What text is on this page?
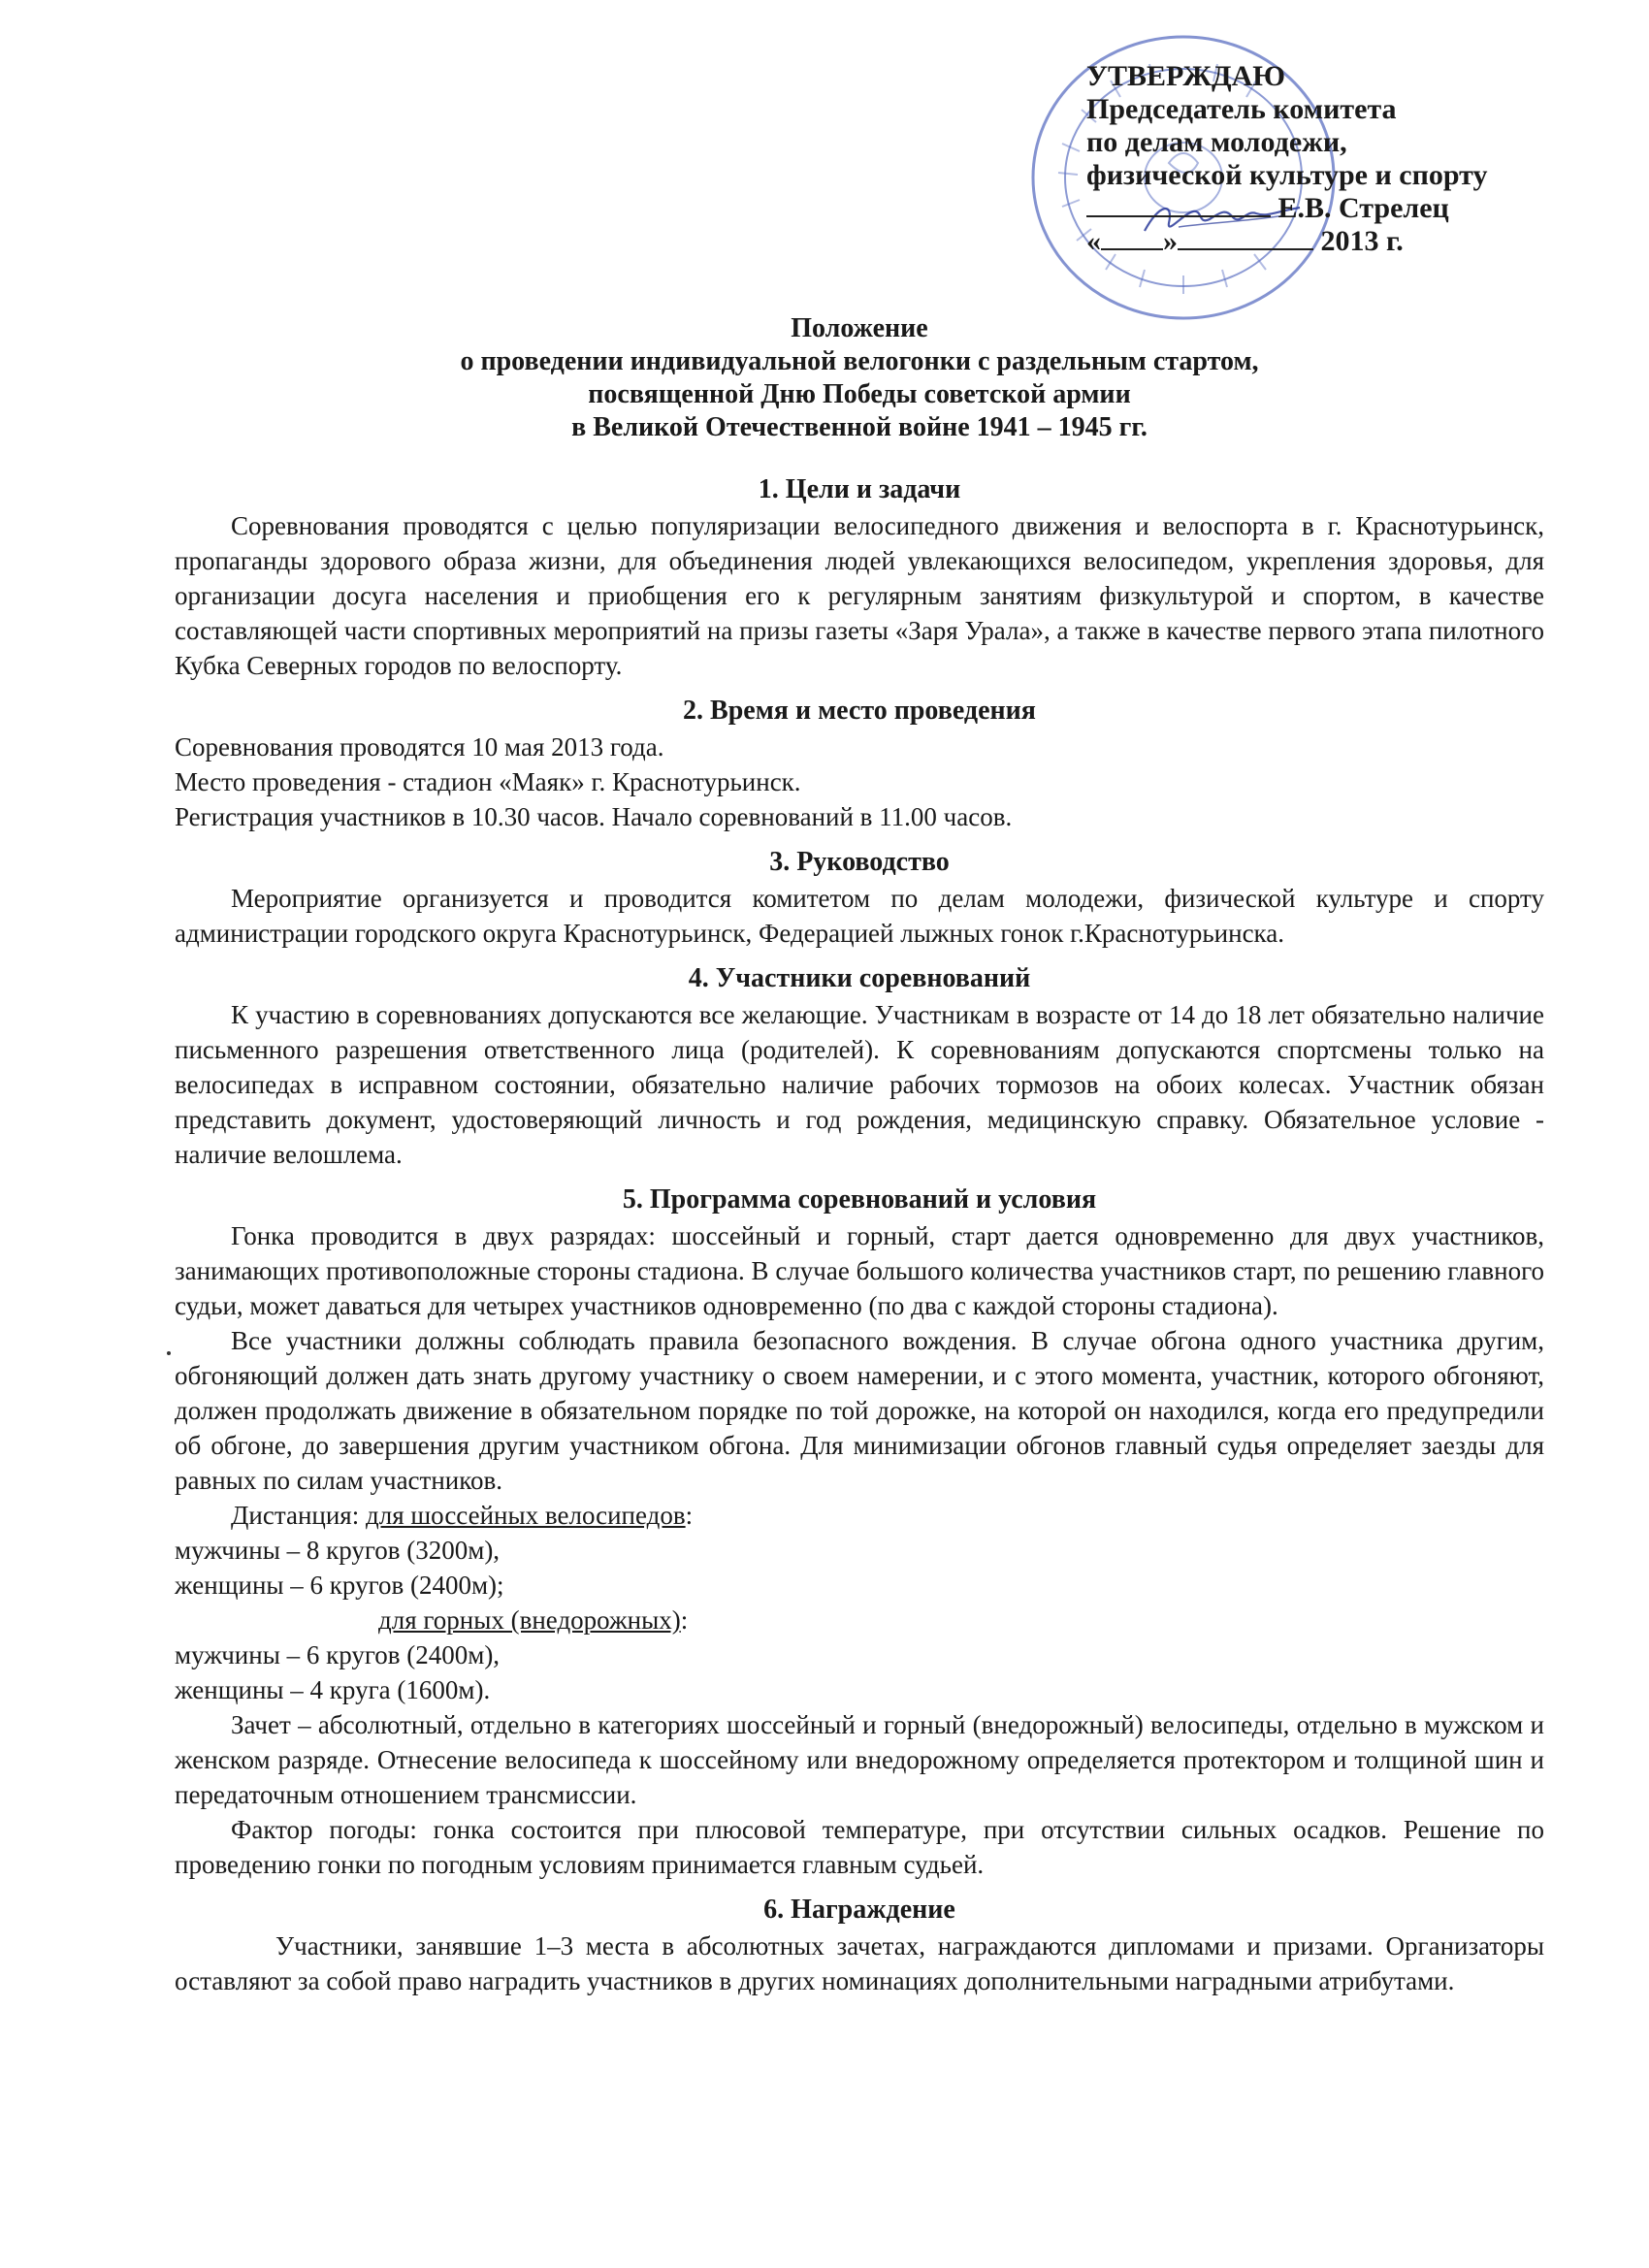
УТВЕРЖДАЮ
Председатель комитета
по делам молодежи,
физической культуре и спорту
Е.В. Стрелец
« »	2013 г.
Положение
о проведении индивидуальной велогонки с раздельным стартом,
посвященной Дню Победы советской армии
в Великой Отечественной войне 1941 – 1945 гг.
1. Цели и задачи

Соревнования проводятся с целью популяризации велосипедного движения и велоспорта в г. Краснотурьинск, пропаганды здорового образа жизни, для объединения людей увлекающихся велосипедом, укрепления здоровья, для организации досуга населения и приобщения его к регулярным занятиям физкультурой и спортом, в качестве составляющей части спортивных мероприятий на призы газеты «Заря Урала», а также в качестве первого этапа пилотного Кубка Северных городов по велоспорту.

2. Время и место проведения

Соревнования проводятся 10 мая 2013 года.

Место проведения - стадион «Маяк» г. Краснотурьинск.

Регистрация участников в 10.30 часов. Начало соревнований в 11.00 часов.

3. Руководство

Мероприятие организуется и проводится комитетом по делам молодежи, физической культуре и спорту администрации городского округа Краснотурьинск, Федерацией лыжных гонок г.Краснотурьинска.

4. Участники соревнований

К участию в соревнованиях допускаются все желающие. Участникам в возрасте от 14 до 18 лет обязательно наличие письменного разрешения ответственного лица (родителей). К соревнованиям допускаются спортсмены только на велосипедах в исправном состоянии, обязательно наличие рабочих тормозов на обоих колесах. Участник обязан представить документ, удостоверяющий личность и год рождения, медицинскую справку. Обязательное условие - наличие велошлема.

5. Программа соревнований и условия

Гонка проводится в двух разрядах: шоссейный и горный, старт дается одновременно для двух участников, занимающих противоположные стороны стадиона. В случае большого количества участников старт, по решению главного судьи, может даваться для четырех участников одновременно (по два с каждой стороны стадиона).

Все участники должны соблюдать правила безопасного вождения. В случае обгона одного участника другим, обгоняющий должен дать знать другому участнику о своем намерении, и с этого момента, участник, которого обгоняют, должен продолжать движение в обязательном порядке по той дорожке, на которой он находился, когда его предупредили об обгоне, до завершения другим участником обгона. Для минимизации обгонов главный судья определяет заезды для равных по силам участников.

Дистанция: для шоссейных велосипедов:

мужчины – 8 кругов (3200м),

женщины – 6 кругов (2400м);

для горных (внедорожных):

мужчины – 6 кругов (2400м),

женщины – 4 круга (1600м).

Зачет – абсолютный, отдельно в категориях шоссейный и горный (внедорожный) велосипеды, отдельно в мужском и женском разряде. Отнесение велосипеда к шоссейному или внедорожному определяется протектором и толщиной шин и передаточным отношением трансмиссии.

Фактор погоды: гонка состоится при плюсовой температуре, при отсутствии сильных осадков. Решение по проведению гонки по погодным условиям принимается главным судьей.

6. Награждение

Участники, занявшие 1–3 места в абсолютных зачетах, награждаются дипломами и призами. Организаторы оставляют за собой право наградить участников в других номинациях дополнительными наградными атрибутами.
